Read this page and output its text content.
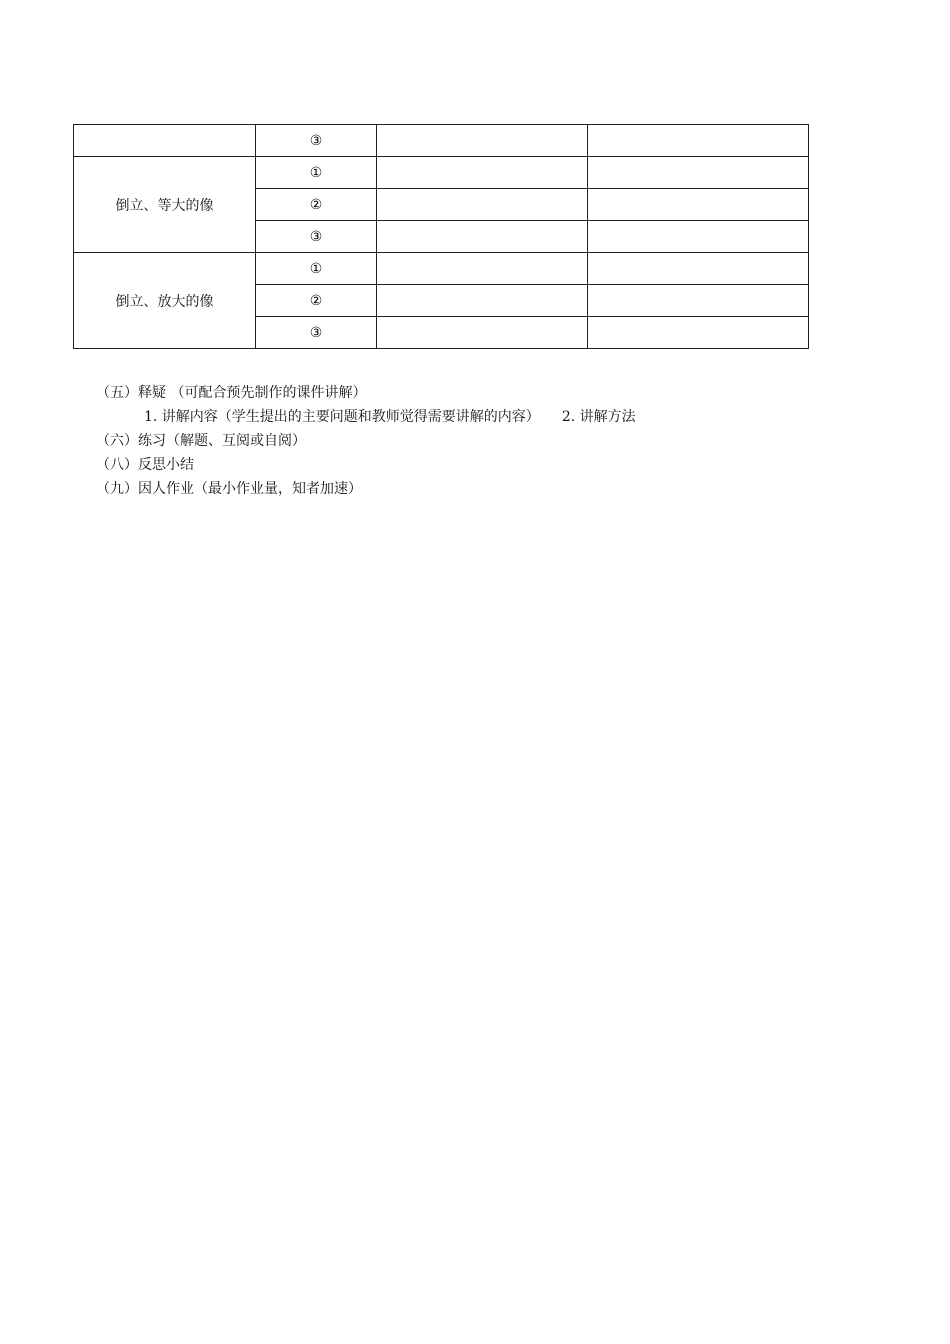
	③		
倒立、等大的像	①		
	②		
	③		
倒立、放大的像	①		
	②		
	③		

（五）释疑 （可配合预先制作的课件讲解）

1. 讲解内容（学生提出的主要问题和教师觉得需要讲解的内容） 2. 讲解方法

（六）练习（解题、互阅或自阅）

（八）反思小结

（九）因人作业（最小作业量，知者加速）
